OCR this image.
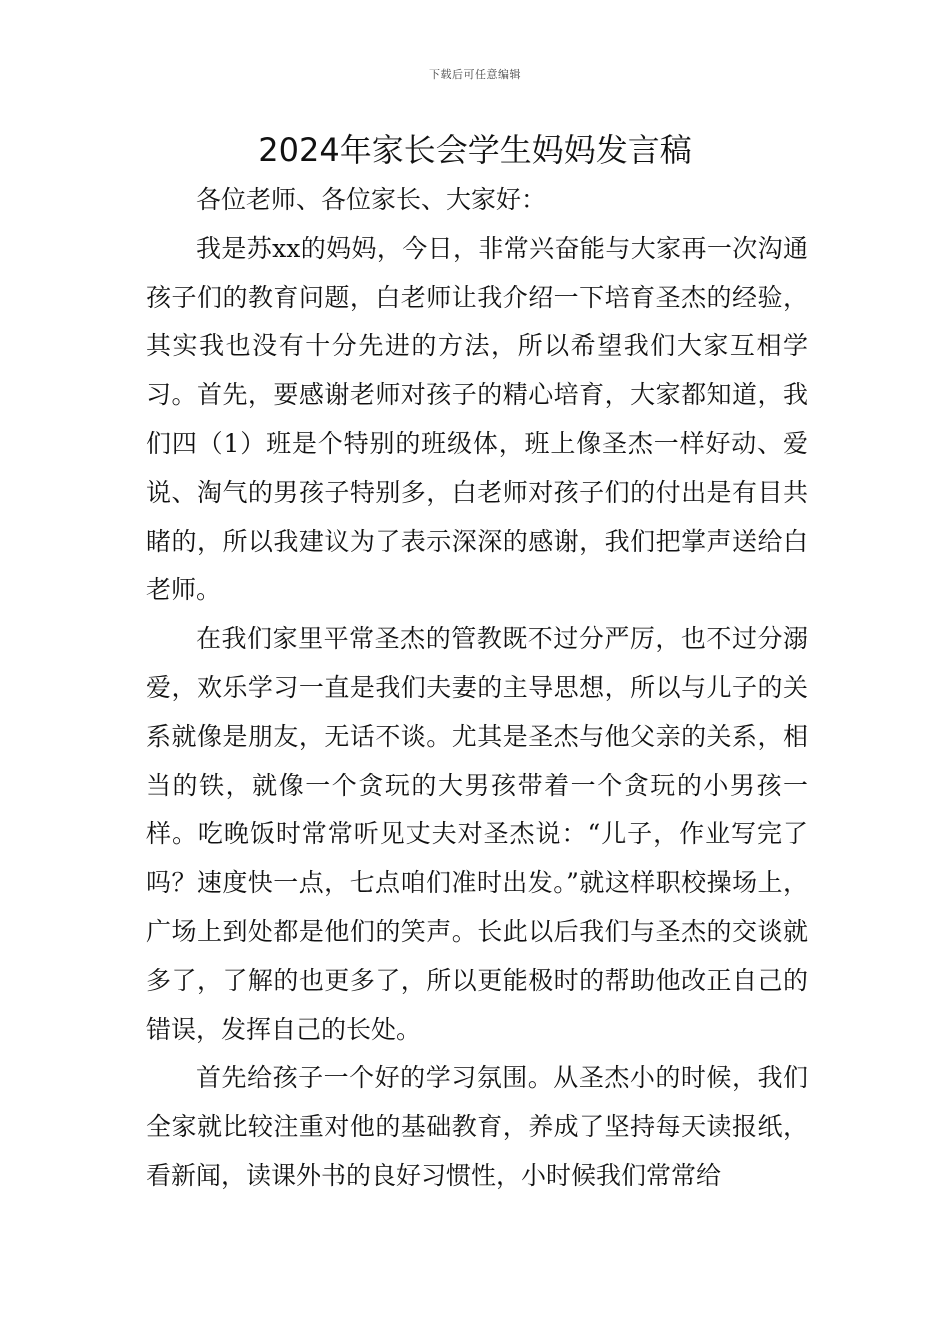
下载后可任意编辑
2024年家长会学生妈妈发言稿

各位老师、各位家长、大家好：

我是苏xx的妈妈，今日，非常兴奋能与大家再一次沟通孩子们的教育问题，白老师让我介绍一下培育圣杰的经验，其实我也没有十分先进的方法，所以希望我们大家互相学习。首先，要感谢老师对孩子的精心培育，大家都知道，我们四（1）班是个特别的班级体，班上像圣杰一样好动、爱说、淘气的男孩子特别多，白老师对孩子们的付出是有目共睹的，所以我建议为了表示深深的感谢，我们把掌声送给白老师。

在我们家里平常圣杰的管教既不过分严厉，也不过分溺爱，欢乐学习一直是我们夫妻的主导思想，所以与儿子的关系就像是朋友，无话不谈。尤其是圣杰与他父亲的关系，相当的铁，就像一个贪玩的大男孩带着一个贪玩的小男孩一样。吃晚饭时常常听见丈夫对圣杰说：“儿子，作业写完了吗？速度快一点，七点咱们准时出发。”就这样职校操场上，广场上到处都是他们的笑声。长此以后我们与圣杰的交谈就多了，了解的也更多了，所以更能极时的帮助他改正自己的错误，发挥自己的长处。

首先给孩子一个好的学习氛围。从圣杰小的时候，我们全家就比较注重对他的基础教育，养成了坚持每天读报纸，看新闻，读课外书的良好习惯性，小时候我们常常给
